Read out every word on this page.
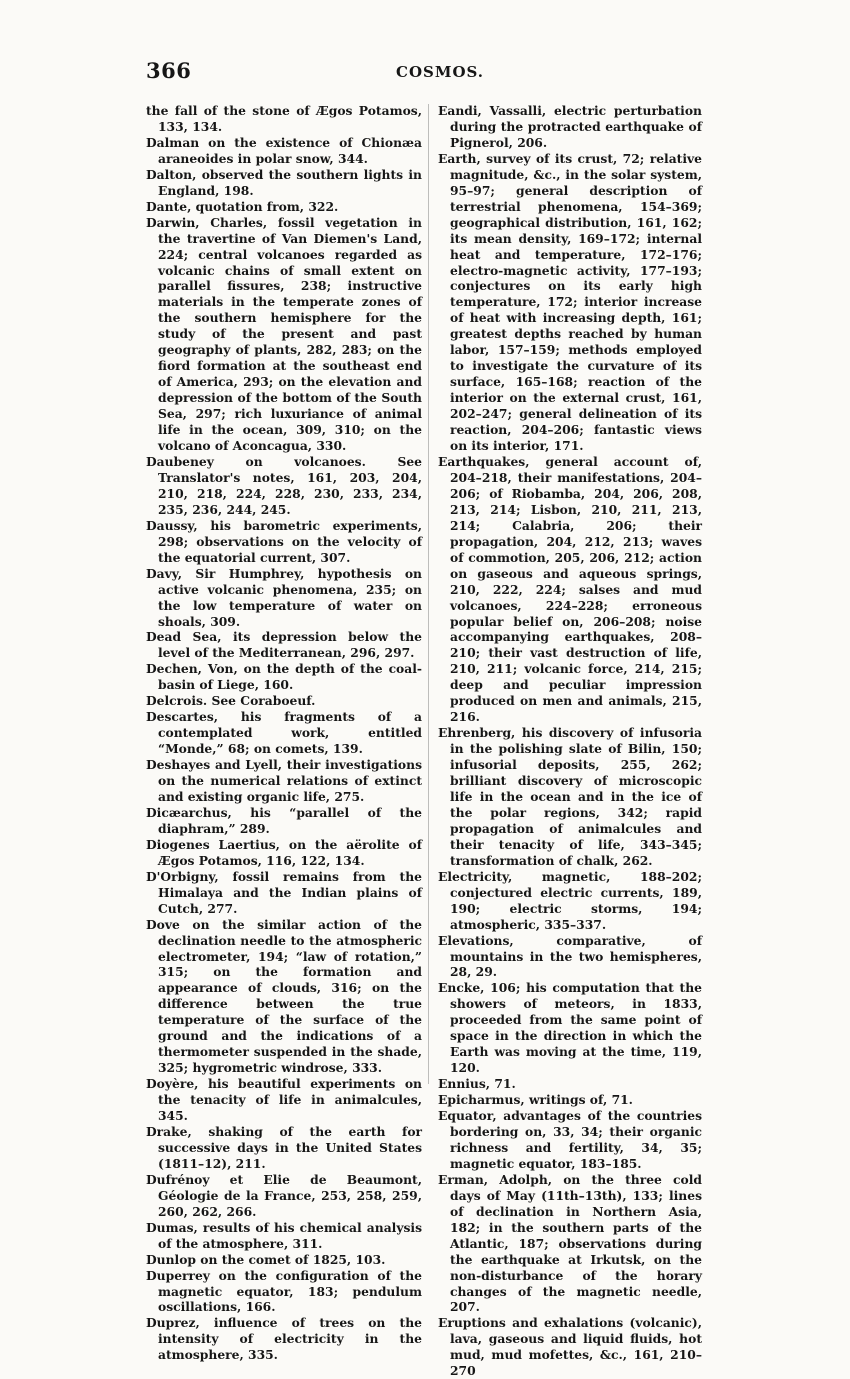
366	COSMOS.

the fall of the stone of Ægos Potamos, 133, 134.

Dalman on the existence of Chionæa araneoides in polar snow, 344.

Dalton, observed the southern lights in England, 198.

Dante, quotation from, 322.

Darwin, Charles, fossil vegetation in the travertine of Van Diemen's Land, 224; central volcanoes regarded as volcanic chains of small extent on parallel fissures, 238; instructive materials in the temperate zones of the southern hemisphere for the study of the present and past geography of plants, 282, 283; on the fiord formation at the southeast end of America, 293; on the elevation and depression of the bottom of the South Sea, 297; rich luxuriance of animal life in the ocean, 309, 310; on the volcano of Aconcagua, 330.

Daubeney on volcanoes. See Translator's notes, 161, 203, 204, 210, 218, 224, 228, 230, 233, 234, 235, 236, 244, 245.

Daussy, his barometric experiments, 298; observations on the velocity of the equatorial current, 307.

Davy, Sir Humphrey, hypothesis on active volcanic phenomena, 235; on the low temperature of water on shoals, 309.

Dead Sea, its depression below the level of the Mediterranean, 296, 297.

Dechen, Von, on the depth of the coal-basin of Liege, 160.

Delcrois. See Coraboeuf.

Descartes, his fragments of a contemplated work, entitled “Monde,” 68; on comets, 139.

Deshayes and Lyell, their investigations on the numerical relations of extinct and existing organic life, 275.

Dicæarchus, his “parallel of the diaphram,” 289.

Diogenes Laertius, on the aërolite of Ægos Potamos, 116, 122, 134.

D'Orbigny, fossil remains from the Himalaya and the Indian plains of Cutch, 277.

Dove on the similar action of the declination needle to the atmospheric electrometer, 194; “law of rotation,” 315; on the formation and appearance of clouds, 316; on the difference between the true temperature of the surface of the ground and the indications of a thermometer suspended in the shade, 325; hygrometric windrose, 333.

Doyère, his beautiful experiments on the tenacity of life in animalcules, 345.

Drake, shaking of the earth for successive days in the United States (1811–12), 211.

Dufrénoy et Elie de Beaumont, Géologie de la France, 253, 258, 259, 260, 262, 266.

Dumas, results of his chemical analysis of the atmosphere, 311.

Dunlop on the comet of 1825, 103.

Duperrey on the configuration of the magnetic equator, 183; pendulum oscillations, 166.

Duprez, influence of trees on the intensity of electricity in the atmosphere, 335.

Eandi, Vassalli, electric perturbation during the protracted earthquake of Pignerol, 206.

Earth, survey of its crust, 72; relative magnitude, &c., in the solar system, 95–97; general description of terrestrial phenomena, 154–369; geographical distribution, 161, 162; its mean density, 169–172; internal heat and temperature, 172–176; electro-magnetic activity, 177–193; conjectures on its early high temperature, 172; interior increase of heat with increasing depth, 161; greatest depths reached by human labor, 157–159; methods employed to investigate the curvature of its surface, 165–168; reaction of the interior on the external crust, 161, 202–247; general delineation of its reaction, 204–206; fantastic views on its interior, 171.

Earthquakes, general account of, 204–218, their manifestations, 204–206; of Riobamba, 204, 206, 208, 213, 214; Lisbon, 210, 211, 213, 214; Calabria, 206; their propagation, 204, 212, 213; waves of commotion, 205, 206, 212; action on gaseous and aqueous springs, 210, 222, 224; salses and mud volcanoes, 224–228; erroneous popular belief on, 206–208; noise accompanying earthquakes, 208–210; their vast destruction of life, 210, 211; volcanic force, 214, 215; deep and peculiar impression produced on men and animals, 215, 216.

Ehrenberg, his discovery of infusoria in the polishing slate of Bilin, 150; infusorial deposits, 255, 262; brilliant discovery of microscopic life in the ocean and in the ice of the polar regions, 342; rapid propagation of animalcules and their tenacity of life, 343–345; transformation of chalk, 262.

Electricity, magnetic, 188–202; conjectured electric currents, 189, 190; electric storms, 194; atmospheric, 335–337.

Elevations, comparative, of mountains in the two hemispheres, 28, 29.

Encke, 106; his computation that the showers of meteors, in 1833, proceeded from the same point of space in the direction in which the Earth was moving at the time, 119, 120.

Ennius, 71.

Epicharmus, writings of, 71.

Equator, advantages of the countries bordering on, 33, 34; their organic richness and fertility, 34, 35; magnetic equator, 183–185.

Erman, Adolph, on the three cold days of May (11th–13th), 133; lines of declination in Northern Asia, 182; in the southern parts of the Atlantic, 187; observations during the earthquake at Irkutsk, on the non-disturbance of the horary changes of the magnetic needle, 207.

Eruptions and exhalations (volcanic), lava, gaseous and liquid fluids, hot mud, mud mofettes, &c., 161, 210–270
